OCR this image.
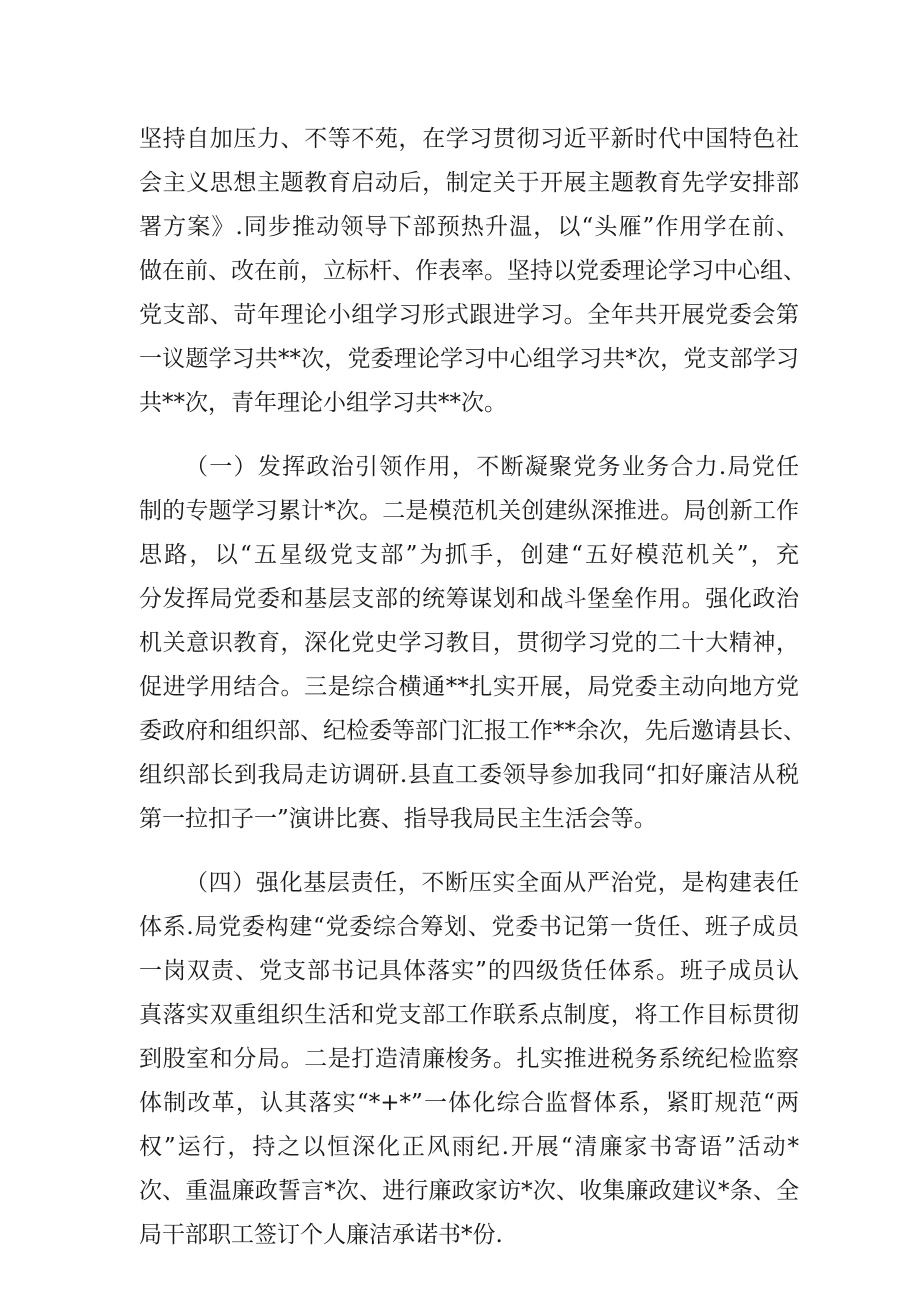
坚持自加压力、不等不苑，在学习贯彻习近平新时代中国特色社
会主义思想主题教育启动后，制定关于开展主题教育先学安排部
署方案》.同步推动领导下部预热升温，以“头雁”作用学在前、
做在前、改在前，立标杆、作表率。坚持以党委理论学习中心组、
党支部、苛年理论小组学习形式跟进学习。全年共开展党委会第
一议题学习共**次，党委理论学习中心组学习共*次，党支部学习
共**次，青年理论小组学习共**次。
（一）发挥政治引领作用，不断凝聚党务业务合力.局党任
制的专题学习累计*次。二是模范机关创建纵深推进。局创新工作
思路，以“五星级党支部”为抓手，创建“五好模范机关”，充
分发挥局党委和基层支部的统筹谋划和战斗堡垒作用。强化政治
机关意识教育，深化党史学习教目，贯彻学习党的二十大精神，
促进学用结合。三是综合横通**扎实开展，局党委主动向地方党
委政府和组织部、纪检委等部门汇报工作**余次，先后邀请县长、
组织部长到我局走访调研.县直工委领导参加我同“扣好廉洁从税
第一拉扣子一”演讲比赛、指导我局民主生活会等。
（四）强化基层责任，不断压实全面从严治党，是构建表任
体系.局党委构建“党委综合筹划、党委书记第一货任、班子成员
一岗双责、党支部书记具体落实”的四级货任体系。班子成员认
真落实双重组织生活和党支部工作联系点制度，将工作目标贯彻
到股室和分局。二是打造清廉梭务。扎实推进税务系统纪检监察
体制改革，认其落实“*+*”一体化综合监督体系，紧盯规范“两
权”运行，持之以恒深化正风雨纪.开展“清廉家书寄语”活动*
次、重温廉政誓言*次、进行廉政家访*次、收集廉政建议*条、全
局干部职工签订个人廉洁承诺书*份.
